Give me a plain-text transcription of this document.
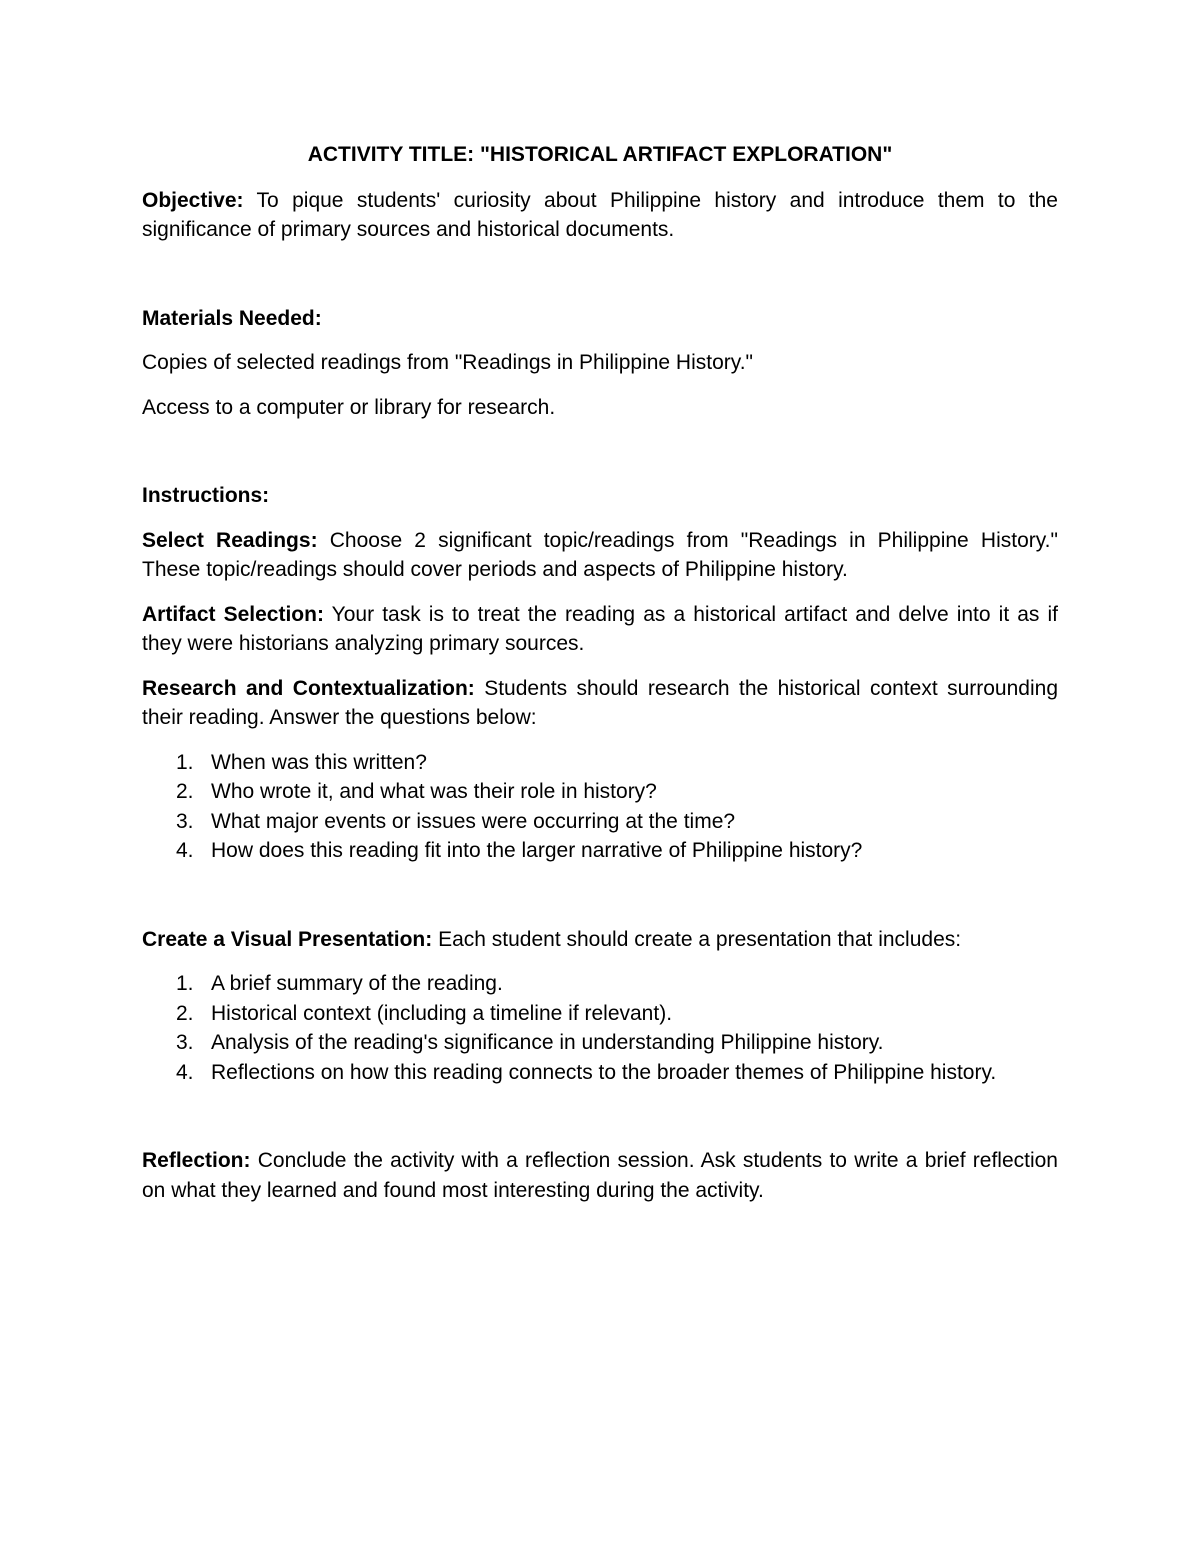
ACTIVITY TITLE: "HISTORICAL ARTIFACT EXPLORATION"

Objective: To pique students' curiosity about Philippine history and introduce them to the significance of primary sources and historical documents.

Materials Needed:

Copies of selected readings from "Readings in Philippine History."

Access to a computer or library for research.

Instructions:

Select Readings: Choose 2 significant topic/readings from "Readings in Philippine History." These topic/readings should cover periods and aspects of Philippine history.

Artifact Selection: Your task is to treat the reading as a historical artifact and delve into it as if they were historians analyzing primary sources.

Research and Contextualization: Students should research the historical context surrounding their reading. Answer the questions below:

1. When was this written?
2. Who wrote it, and what was their role in history?
3. What major events or issues were occurring at the time?
4. How does this reading fit into the larger narrative of Philippine history?

Create a Visual Presentation: Each student should create a presentation that includes:

1. A brief summary of the reading.
2. Historical context (including a timeline if relevant).
3. Analysis of the reading's significance in understanding Philippine history.
4. Reflections on how this reading connects to the broader themes of Philippine history.

Reflection: Conclude the activity with a reflection session. Ask students to write a brief reflection on what they learned and found most interesting during the activity.
